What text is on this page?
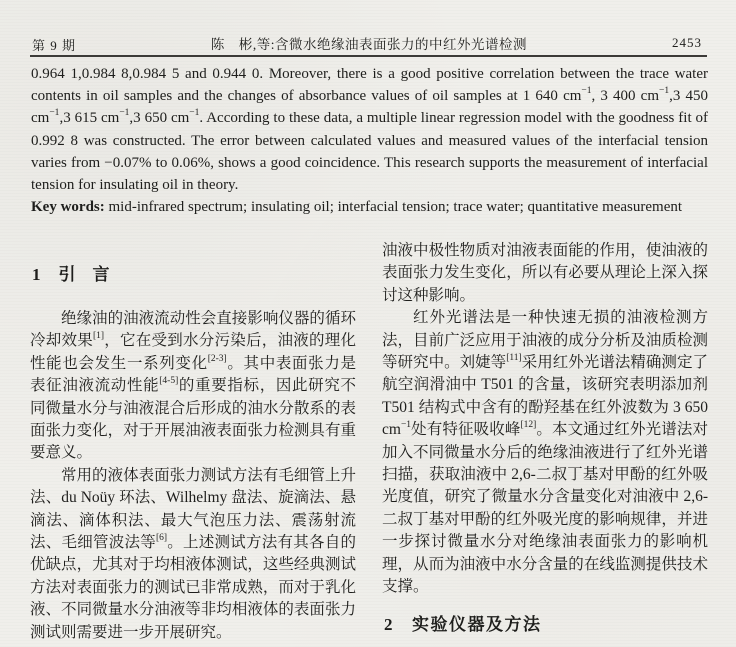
第 9 期	陈　彬,等:含微水绝缘油表面张力的中红外光谱检测	2453

0.964 1,0.984 8,0.984 5 and 0.944 0. Moreover, there is a good positive correlation between the trace water contents in oil samples and the changes of absorbance values of oil samples at 1 640 $cm^{-1}$, 3 400 $cm^{-1},3$ 450 $cm^{-1},3$ 615 $cm^{-1},3$ 650 $cm^{-1}$. According to these data, a multiple linear regression model with the goodness fit of 0.992 8 was constructed. The error between calculated values and measured values of the interfacial tension varies from −0.07% to 0.06%, shows a good coincidence. This research supports the measurement of interfacial tension for insulating oil in theory.

Key words: mid-infrared spectrum; insulating oil; interfacial tension; trace water; quantitative measurement

1 引　言

绝缘油的油液流动性会直接影响仪器的循环冷却效果[1]，它在受到水分污染后，油液的理化性能也会发生一系列变化[2-3]。其中表面张力是表征油液流动性能[4-5]的重要指标，因此研究不同微量水分与油液混合后形成的油水分散系的表面张力变化，对于开展油液表面张力检测具有重要意义。

常用的液体表面张力测试方法有毛细管上升法、du Noüy 环法、Wilhelmy 盘法、旋滴法、悬滴法、滴体积法、最大气泡压力法、震荡射流法、毛细管波法等[6]。上述测试方法有其各自的优缺点，尤其对于均相液体测试，这些经典测试方法对表面张力的测试已非常成熟，而对于乳化液、不同微量水分油液等非均相液体的表面张力测试则需要进一步开展研究。

油液中极性物质对油液表面能的作用，使油液的表面张力发生变化，所以有必要从理论上深入探讨这种影响。

红外光谱法是一种快速无损的油液检测方法，目前广泛应用于油液的成分分析及油质检测等研究中。刘婕等[11]采用红外光谱法精确测定了航空润滑油中 T501 的含量，该研究表明添加剂 T501 结构式中含有的酚羟基在红外波数为 3 650 $cm^{-1}$处有特征吸收峰[12]。本文通过红外光谱法对加入不同微量水分后的绝缘油液进行了红外光谱扫描，获取油液中 2,6-二叔丁基对甲酚的红外吸光度值，研究了微量水分含量变化对油液中 2,6-二叔丁基对甲酚的红外吸光度的影响规律，并进一步探讨微量水分对绝缘油表面张力的影响机理，从而为油液中水分含量的在线监测提供技术支撑。

2 实验仪器及方法
